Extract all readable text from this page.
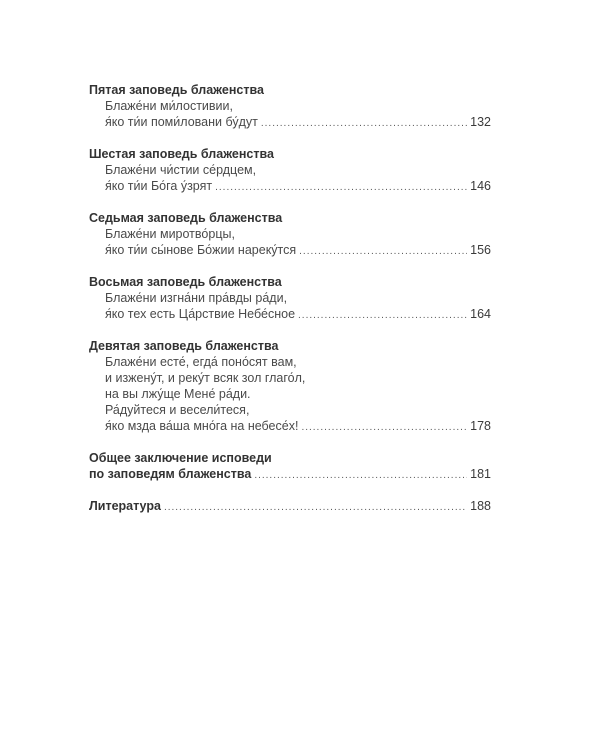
Пятая заповедь блаженства
Блаже́ни ми́лостивии,
я́ко ти́и поми́ловани бу́дут .....	132
Шестая заповедь блаженства
Блаже́ни чи́стии се́рдцем,
я́ко ти́и Бо́га у́зрят .....	146
Седьмая заповедь блаженства
Блаже́ни миротво́рцы,
я́ко ти́и сы́нове Бо́жии нареку́тся .....	156
Восьмая заповедь блаженства
Блаже́ни изгна́ни пра́вды ра́ди,
я́ко тех есть Ца́рствие Небе́сное .....	164
Девятая заповедь блаженства
Блаже́ни есте́, егда́ поно́сят вам,
и изжену́т, и реку́т всяк зол глаго́л,
на вы лжу́ще Мене́ ра́ди.
Ра́дуйтеся и весели́теся,
я́ко мзда ва́ша мно́га на небесе́х! .....	178
Общее заключение исповеди
по заповедям блаженства .....	181
Литература .....	188
